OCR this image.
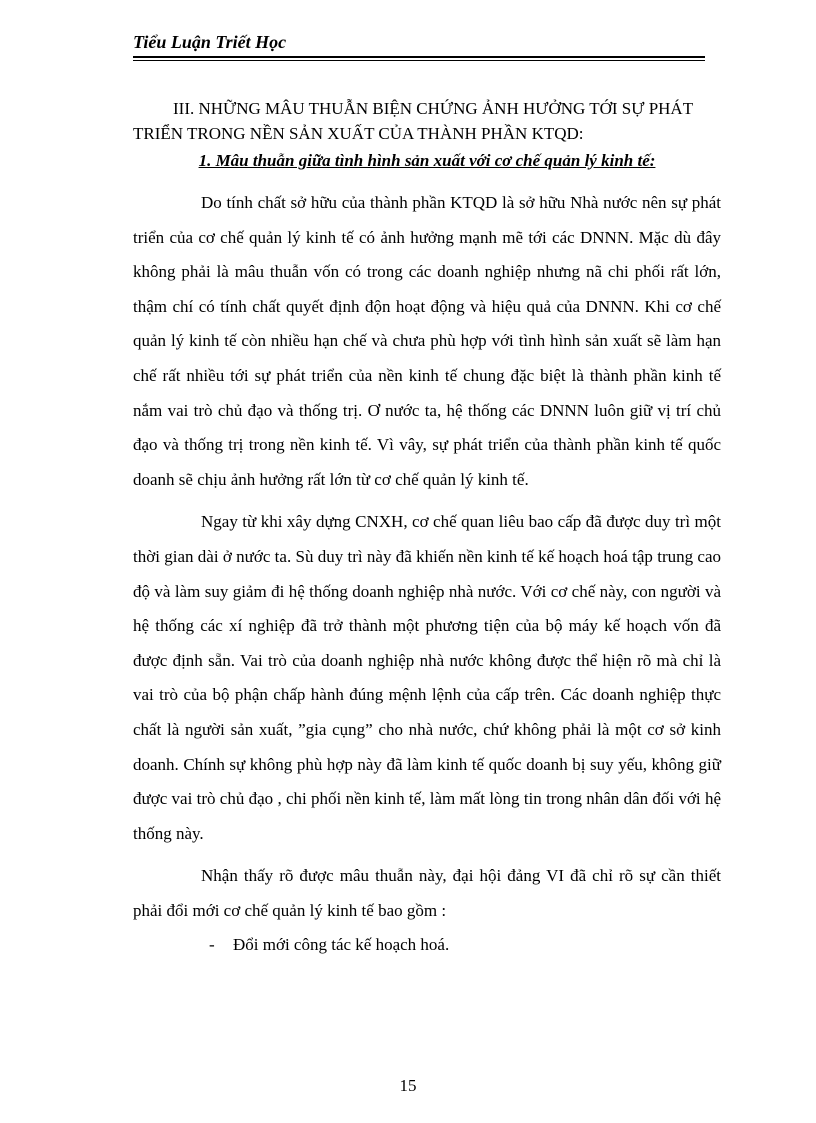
Tiểu Luận Triết Học
III. NHỮNG MÂU THUẪN BIỆN CHỨNG ẢNH HƯỞNG TỚI SỰ PHÁT
TRIỂN TRONG NỀN SẢN XUẤT CỦA THÀNH PHẦN KTQD:
1. Mâu thuẫn giữa tình hình sản xuất với cơ chế quản lý kinh tế:

Do tính chất sở hữu của thành phần KTQD là sở hữu Nhà nước nên sự phát triển của cơ chế quản lý kinh tế có ảnh hưởng mạnh mẽ tới các DNNN. Mặc dù đây không phải là mâu thuẫn vốn có trong các doanh nghiệp nhưng nã chi phối rất lớn, thậm chí có tính chất quyết định độn hoạt động và hiệu quả của DNNN. Khi cơ chế quản lý kinh tế còn nhiều hạn chế và chưa phù hợp với tình hình sản xuất sẽ làm hạn chế rất nhiều tới sự phát triển của nền kinh tế chung đặc biệt là thành phần kinh tế nắm vai trò chủ đạo và thống trị. Ơ nước ta, hệ thống các DNNN luôn giữ vị trí chủ đạo và thống trị trong nền kinh tế. Vì vây, sự phát triển của thành phần kinh tế quốc doanh sẽ chịu ảnh hưởng rất lớn từ cơ chế quản lý kinh tế.

Ngay từ khi xây dựng CNXH, cơ chế quan liêu bao cấp đã được duy trì một thời gian dài ở nước ta. Sù duy trì này đã khiến nền kinh tế kế hoạch hoá tập trung cao độ và làm suy giảm đi hệ thống doanh nghiệp nhà nước. Với cơ chế này, con người và hệ thống các xí nghiệp đã trở thành một phương tiện của bộ máy kế hoạch vốn đã được định sẵn. Vai trò của doanh nghiệp nhà nước không được thể hiện rõ mà chỉ là vai trò của bộ phận chấp hành đúng mệnh lệnh của cấp trên. Các doanh nghiệp thực chất là người sản xuất, ”gia cụng” cho nhà nước, chứ không phải là một cơ sở kinh doanh. Chính sự không phù hợp này đã làm kinh tế quốc doanh bị suy yếu, không giữ được vai trò chủ đạo , chi phối nền kinh tế, làm mất lòng tin trong nhân dân đối với hệ thống này.

Nhận thấy rõ được mâu thuẫn này, đại hội đảng VI đã chỉ rõ sự cần thiết phải đổi mới cơ chế quản lý kinh tế bao gồm :

- Đổi mới công tác kế hoạch hoá.
15
